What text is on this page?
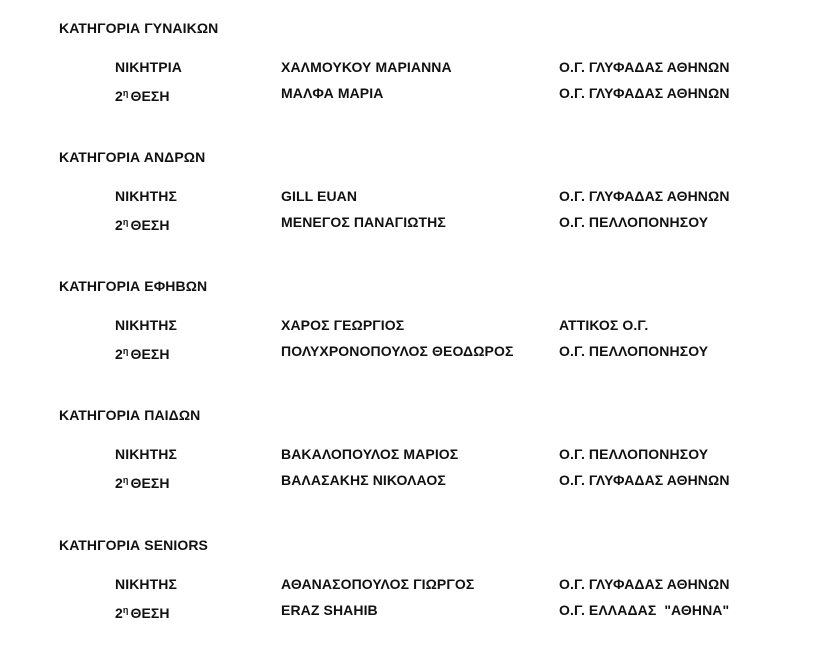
ΚΑΤΗΓΟΡΙΑ ΓΥΝΑΙΚΩΝ
ΝΙΚΗΤΡΙΑ	ΧΑΛΜΟΥΚΟΥ ΜΑΡΙΑΝΝΑ	Ο.Γ. ΓΛΥΦΑΔΑΣ ΑΘΗΝΩΝ
$2^\eta$ ΘΕΣΗ	ΜΑΛΦΑ ΜΑΡΙΑ	Ο.Γ. ΓΛΥΦΑΔΑΣ ΑΘΗΝΩΝ
ΚΑΤΗΓΟΡΙΑ ΑΝΔΡΩΝ
ΝΙΚΗΤΗΣ	GILL EUAN	Ο.Γ. ΓΛΥΦΑΔΑΣ ΑΘΗΝΩΝ
$2^\eta$ ΘΕΣΗ	ΜΕΝΕΓΟΣ ΠΑΝΑΓΙΩΤΗΣ	Ο.Γ. ΠΕΛΛΟΠΟΝΗΣΟΥ
ΚΑΤΗΓΟΡΙΑ ΕΦΗΒΩΝ
ΝΙΚΗΤΗΣ	ΧΑΡΟΣ ΓΕΩΡΓΙΟΣ	ΑΤΤΙΚΟΣ Ο.Γ.
$2^\eta$ ΘΕΣΗ	ΠΟΛΥΧΡΟΝΟΠΟΥΛΟΣ ΘΕΟΔΩΡΟΣ	Ο.Γ. ΠΕΛΛΟΠΟΝΗΣΟΥ
ΚΑΤΗΓΟΡΙΑ ΠΑΙΔΩΝ
ΝΙΚΗΤΗΣ	ΒΑΚΑΛΟΠΟΥΛΟΣ ΜΑΡΙΟΣ	Ο.Γ. ΠΕΛΛΟΠΟΝΗΣΟΥ
$2^\eta$ ΘΕΣΗ	ΒΑΛΑΣΑΚΗΣ ΝΙΚΟΛΑΟΣ	Ο.Γ. ΓΛΥΦΑΔΑΣ ΑΘΗΝΩΝ
ΚΑΤΗΓΟΡΙΑ SENIORS
ΝΙΚΗΤΗΣ	ΑΘΑΝΑΣΟΠΟΥΛΟΣ ΓΙΩΡΓΟΣ	Ο.Γ. ΓΛΥΦΑΔΑΣ ΑΘΗΝΩΝ
$2^\eta$ ΘΕΣΗ	ERAZ SHAHIB	Ο.Γ. ΕΛΛΑΔΑΣ  "ΑΘΗΝΑ"
